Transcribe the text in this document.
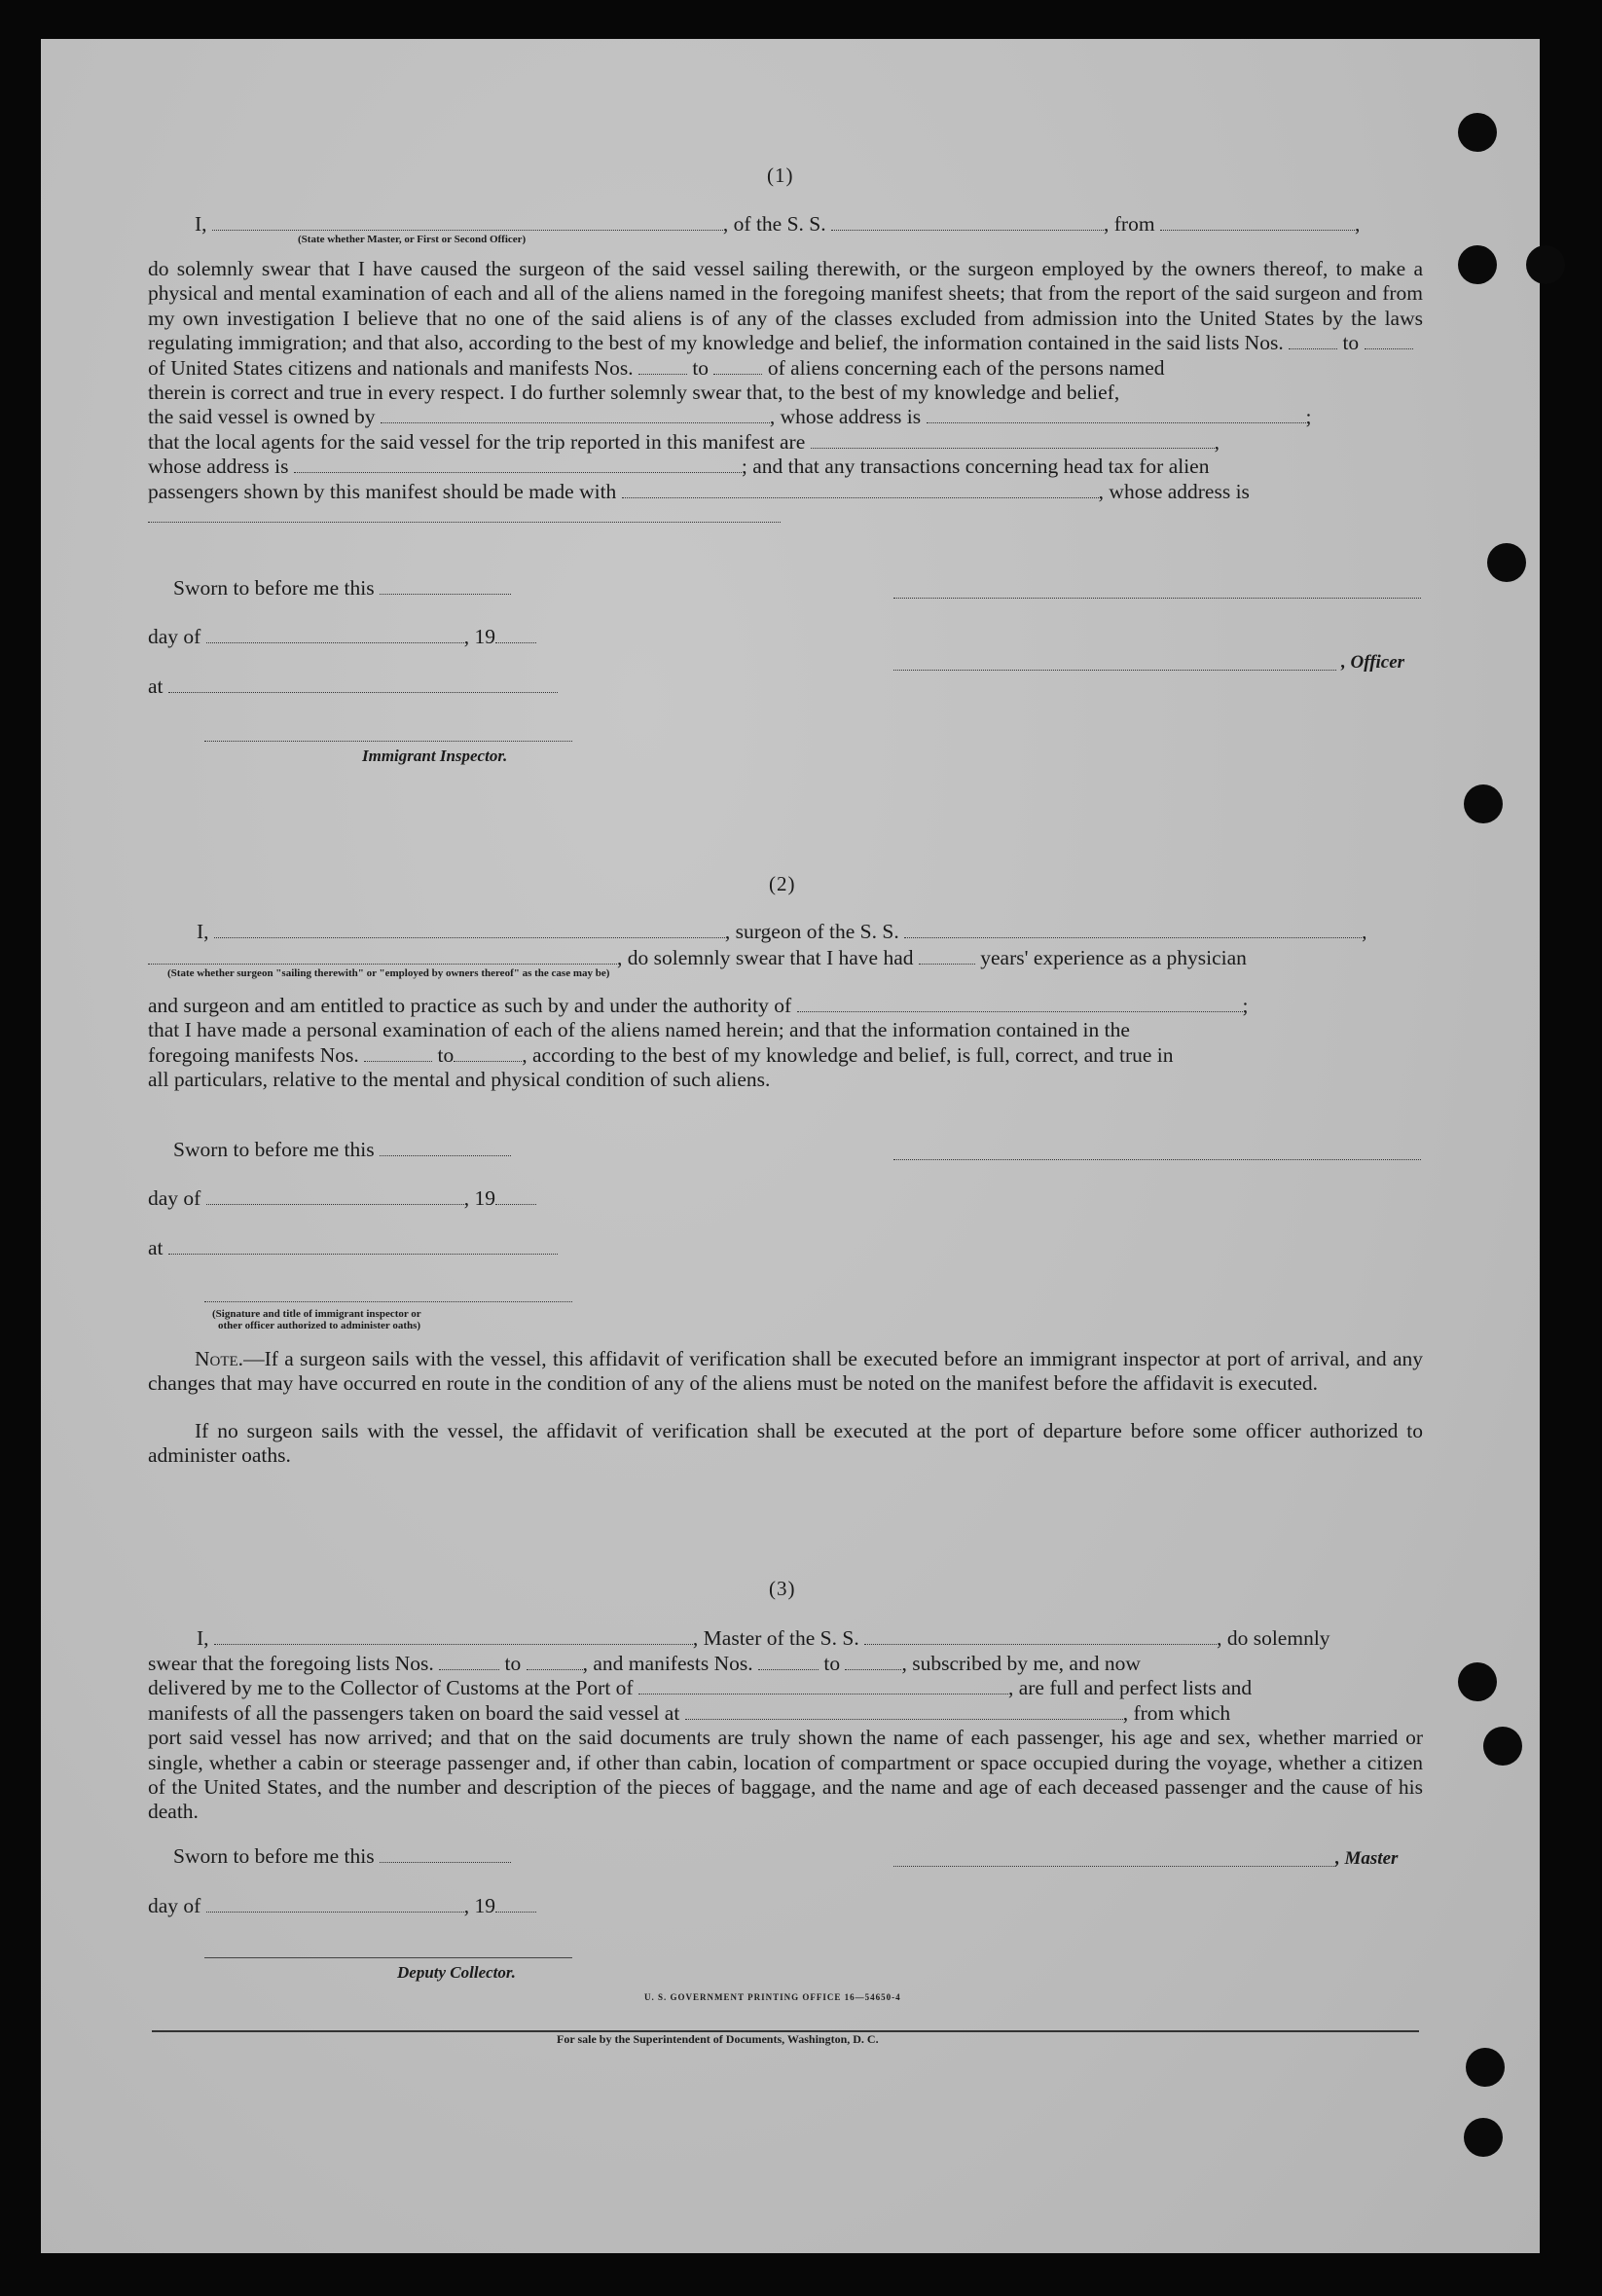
(1)
I,	, of the S. S.	, from	,
(State whether Master, or First or Second Officer)
do solemnly swear that I have caused the surgeon of the said vessel sailing therewith, or the surgeon employed by the owners thereof, to make a physical and mental examination of each and all of the aliens named in the foregoing manifest sheets; that from the report of the said surgeon and from my own investigation I believe that no one of the said aliens is of any of the classes excluded from admission into the United States by the laws regulating immigration; and that also, according to the best of my knowledge and belief, the information contained in the said lists Nos.	to
of United States citizens and nationals and manifests Nos.	to	of aliens concerning each of the persons named
therein is correct and true in every respect. I do further solemnly swear that, to the best of my knowledge and belief,
the said vessel is owned by	, whose address is	;
that the local agents for the said vessel for the trip reported in this manifest are	,
whose address is	; and that any transactions concerning head tax for alien
passengers shown by this manifest should be made with	, whose address is

Sworn to before me this
day of	, 19
, Officer
at
Immigrant Inspector.
(2)
I,	, surgeon of the S. S.	,
, do solemnly swear that I have had	years' experience as a physician
(State whether surgeon "sailing therewith" or "employed by owners thereof" as the case may be)
and surgeon and am entitled to practice as such by and under the authority of	;
that I have made a personal examination of each of the aliens named herein; and that the information contained in the
foregoing manifests Nos.	to	, according to the best of my knowledge and belief, is full, correct, and true in
all particulars, relative to the mental and physical condition of such aliens.
Sworn to before me this
day of	, 19
at
(Signature and title of immigrant inspector or
other officer authorized to administer oaths)
Note.—If a surgeon sails with the vessel, this affidavit of verification shall be executed before an immigrant inspector at port of arrival, and any changes that may have occurred en route in the condition of any of the aliens must be noted on the manifest before the affidavit is executed.
If no surgeon sails with the vessel, the affidavit of verification shall be executed at the port of departure before some officer authorized to administer oaths.
(3)
I,	, Master of the S. S.	, do solemnly
swear that the foregoing lists Nos.	to	, and manifests Nos.	to	, subscribed by me, and now
delivered by me to the Collector of Customs at the Port of	, are full and perfect lists and
manifests of all the passengers taken on board the said vessel at	, from which
port said vessel has now arrived; and that on the said documents are truly shown the name of each passenger, his age and sex, whether married or single, whether a cabin or steerage passenger and, if other than cabin, location of compartment or space occupied during the voyage, whether a citizen of the United States, and the number and description of the pieces of baggage, and the name and age of each deceased passenger and the cause of his death.
Sworn to before me this	, Master
day of	, 19
Deputy Collector.
U. S. GOVERNMENT PRINTING OFFICE 16—54650-4
For sale by the Superintendent of Documents, Washington, D. C.
